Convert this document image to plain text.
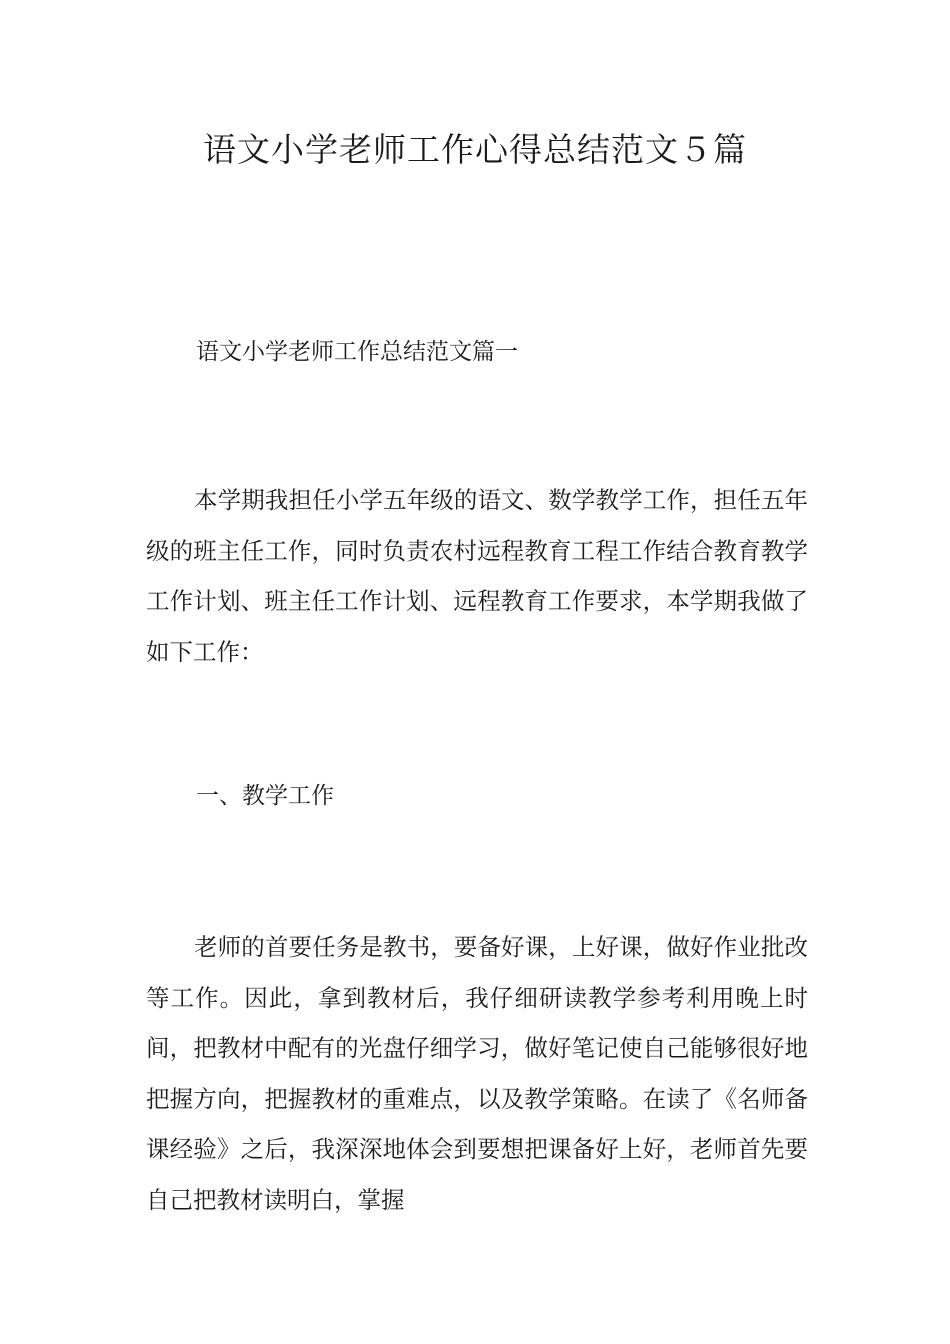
语文小学老师工作心得总结范文５篇

语文小学老师工作总结范文篇一

本学期我担任小学五年级的语文、数学教学工作，担任五年级的班主任工作，同时负责农村远程教育工程工作结合教育教学工作计划、班主任工作计划、远程教育工作要求，本学期我做了如下工作：

一、教学工作

老师的首要任务是教书，要备好课，上好课，做好作业批改等工作。因此，拿到教材后，我仔细研读教学参考利用晚上时间，把教材中配有的光盘仔细学习，做好笔记使自己能够很好地把握方向，把握教材的重难点，以及教学策略。在读了《名师备课经验》之后，我深深地体会到要想把课备好上好，老师首先要自己把教材读明白，掌握
